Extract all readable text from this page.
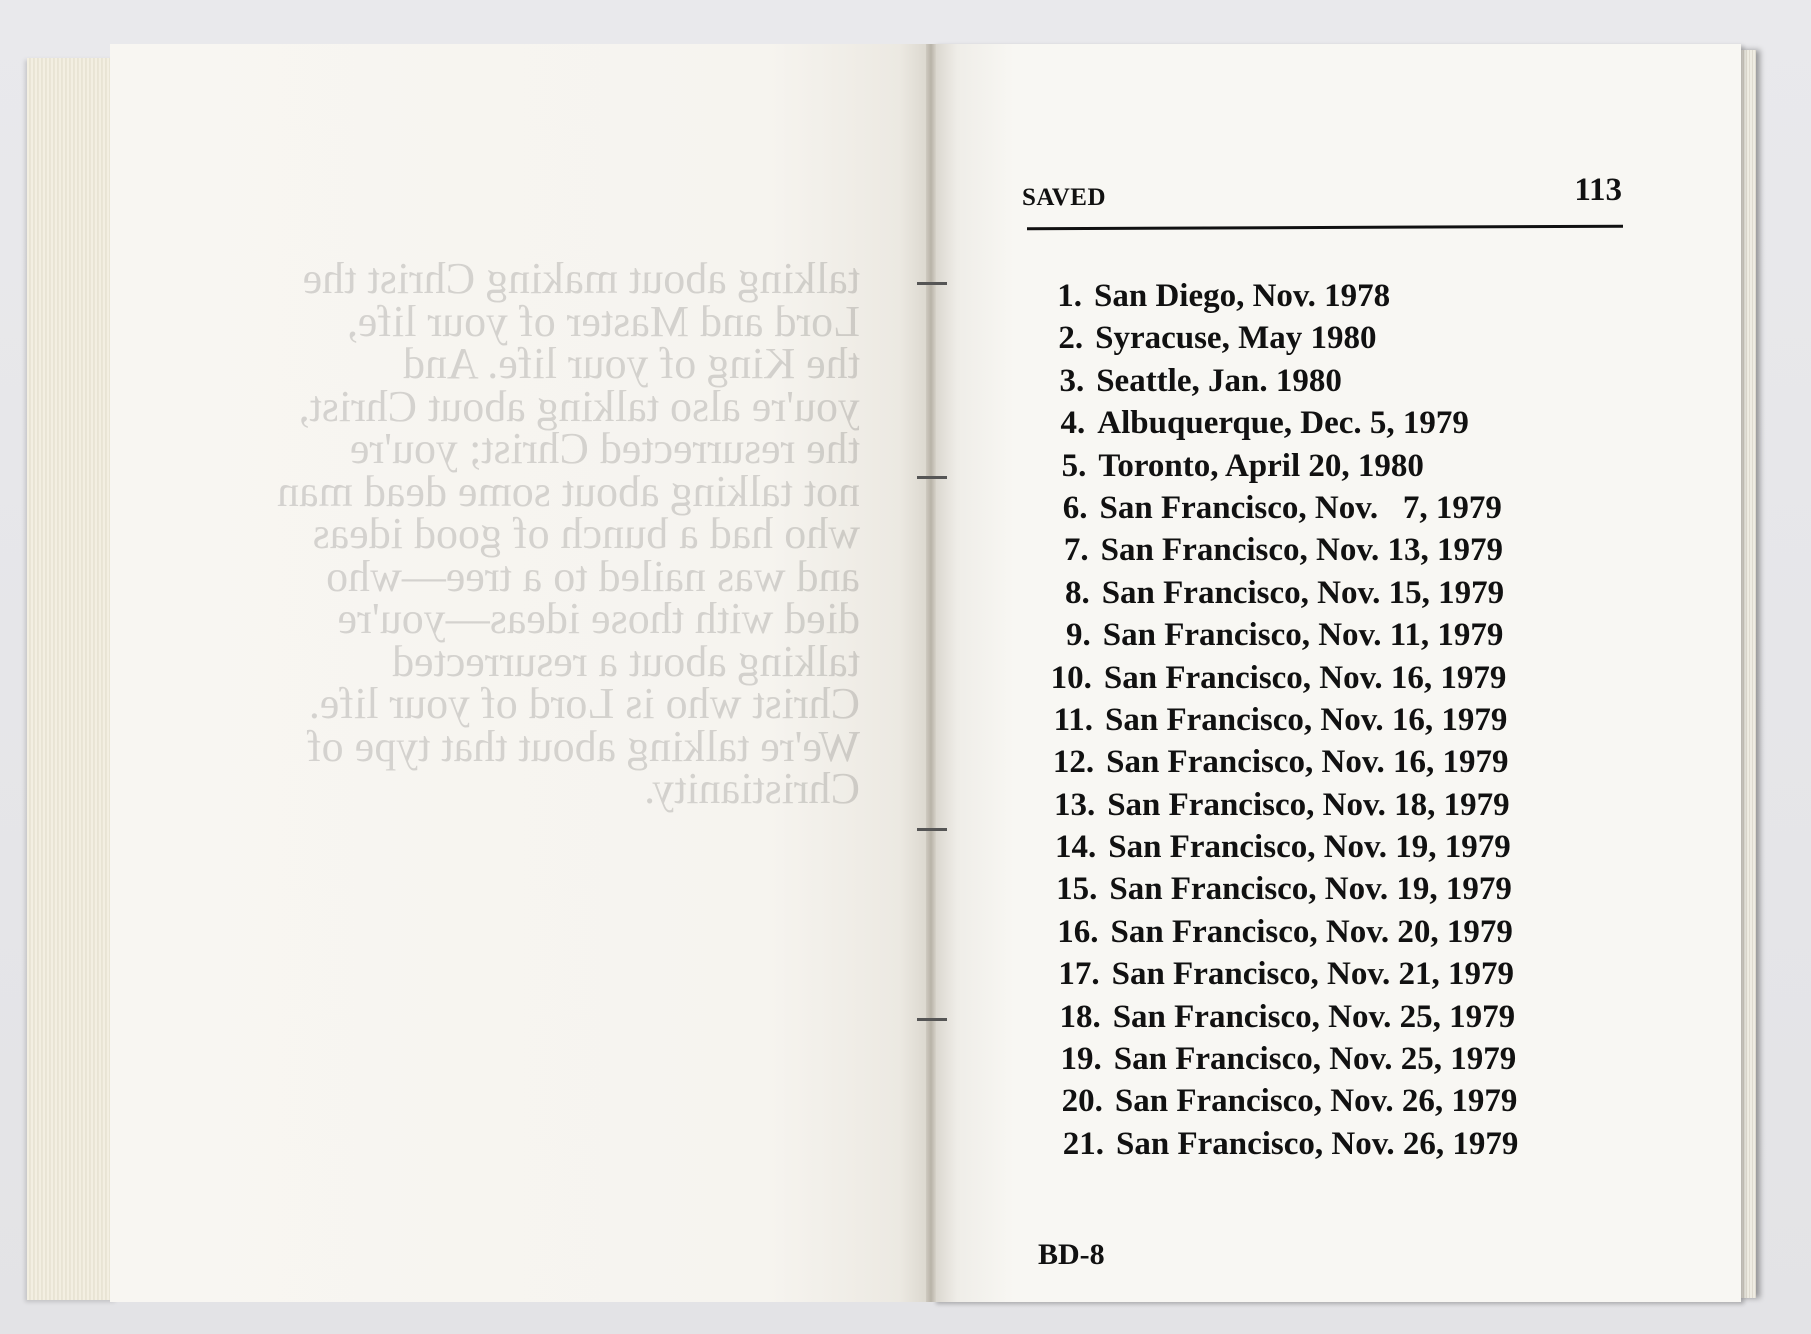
talking about making Christ the
Lord and Master of your life,
the King of your life. And
you're also talking about Christ,
the resurrected Christ; you're
not talking about some dead man
who had a bunch of good ideas
and was nailed to a tree—who
died with those ideas—you're
talking about a resurrected
Christ who is Lord of your life.
We're talking about that type of
Christianity.
SAVED	113
1. San Diego, Nov. 1978
2. Syracuse, May 1980
3. Seattle, Jan. 1980
4. Albuquerque, Dec. 5, 1979
5. Toronto, April 20, 1980
6. San Francisco, Nov.   7, 1979
7. San Francisco, Nov. 13, 1979
8. San Francisco, Nov. 15, 1979
9. San Francisco, Nov. 11, 1979
10. San Francisco, Nov. 16, 1979
11. San Francisco, Nov. 16, 1979
12. San Francisco, Nov. 16, 1979
13. San Francisco, Nov. 18, 1979
14. San Francisco, Nov. 19, 1979
15. San Francisco, Nov. 19, 1979
16. San Francisco, Nov. 20, 1979
17. San Francisco, Nov. 21, 1979
18. San Francisco, Nov. 25, 1979
19. San Francisco, Nov. 25, 1979
20. San Francisco, Nov. 26, 1979
21. San Francisco, Nov. 26, 1979
BD-8
